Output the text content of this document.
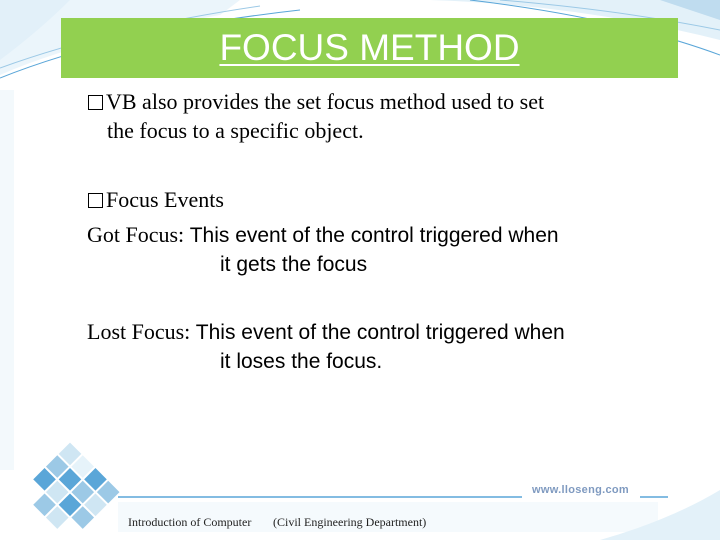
FOCUS METHOD
VB also provides the set focus method used to set
the focus to a specific object.
Focus Events
Got Focus: This event of the control triggered when
it gets the focus
Lost Focus: This event of the control triggered when
it loses the focus.
www.lloseng.com
Introduction of Computer (Civil Engineering Department)
